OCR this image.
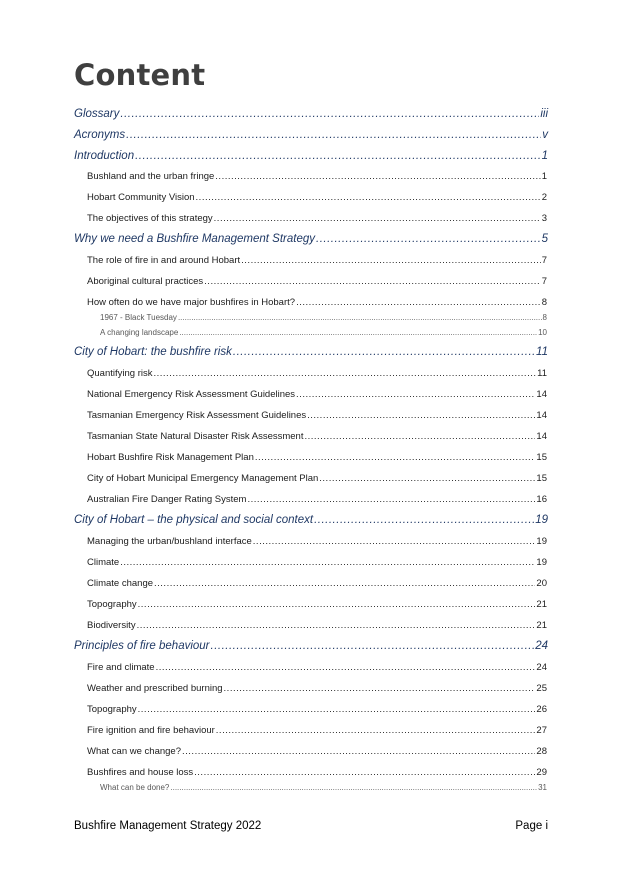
Content
Glossary .....	iii
Acronyms .....	v
Introduction .....	1
Bushland and the urban fringe .....	1
Hobart Community Vision .....	2
The objectives of this strategy .....	3
Why we need a Bushfire Management Strategy .....	5
The role of fire in and around Hobart .....	7
Aboriginal cultural practices .....	7
How often do we have major bushfires in Hobart? .....	8
1967 - Black Tuesday .....	8
A changing landscape .....	10
City of Hobart: the bushfire risk .....	11
Quantifying risk .....	11
National Emergency Risk Assessment Guidelines .....	14
Tasmanian Emergency Risk Assessment Guidelines .....	14
Tasmanian State Natural Disaster Risk Assessment .....	14
Hobart Bushfire Risk Management Plan .....	15
City of Hobart Municipal Emergency Management Plan .....	15
Australian Fire Danger Rating System .....	16
City of Hobart – the physical and social context .....	19
Managing the urban/bushland interface .....	19
Climate .....	19
Climate change .....	20
Topography .....	21
Biodiversity .....	21
Principles of fire behaviour .....	24
Fire and climate .....	24
Weather and prescribed burning .....	25
Topography .....	26
Fire ignition and fire behaviour .....	27
What can we change? .....	28
Bushfires and house loss .....	29
What can be done? .....	31
Bushfire Management Strategy 2022	Page i
